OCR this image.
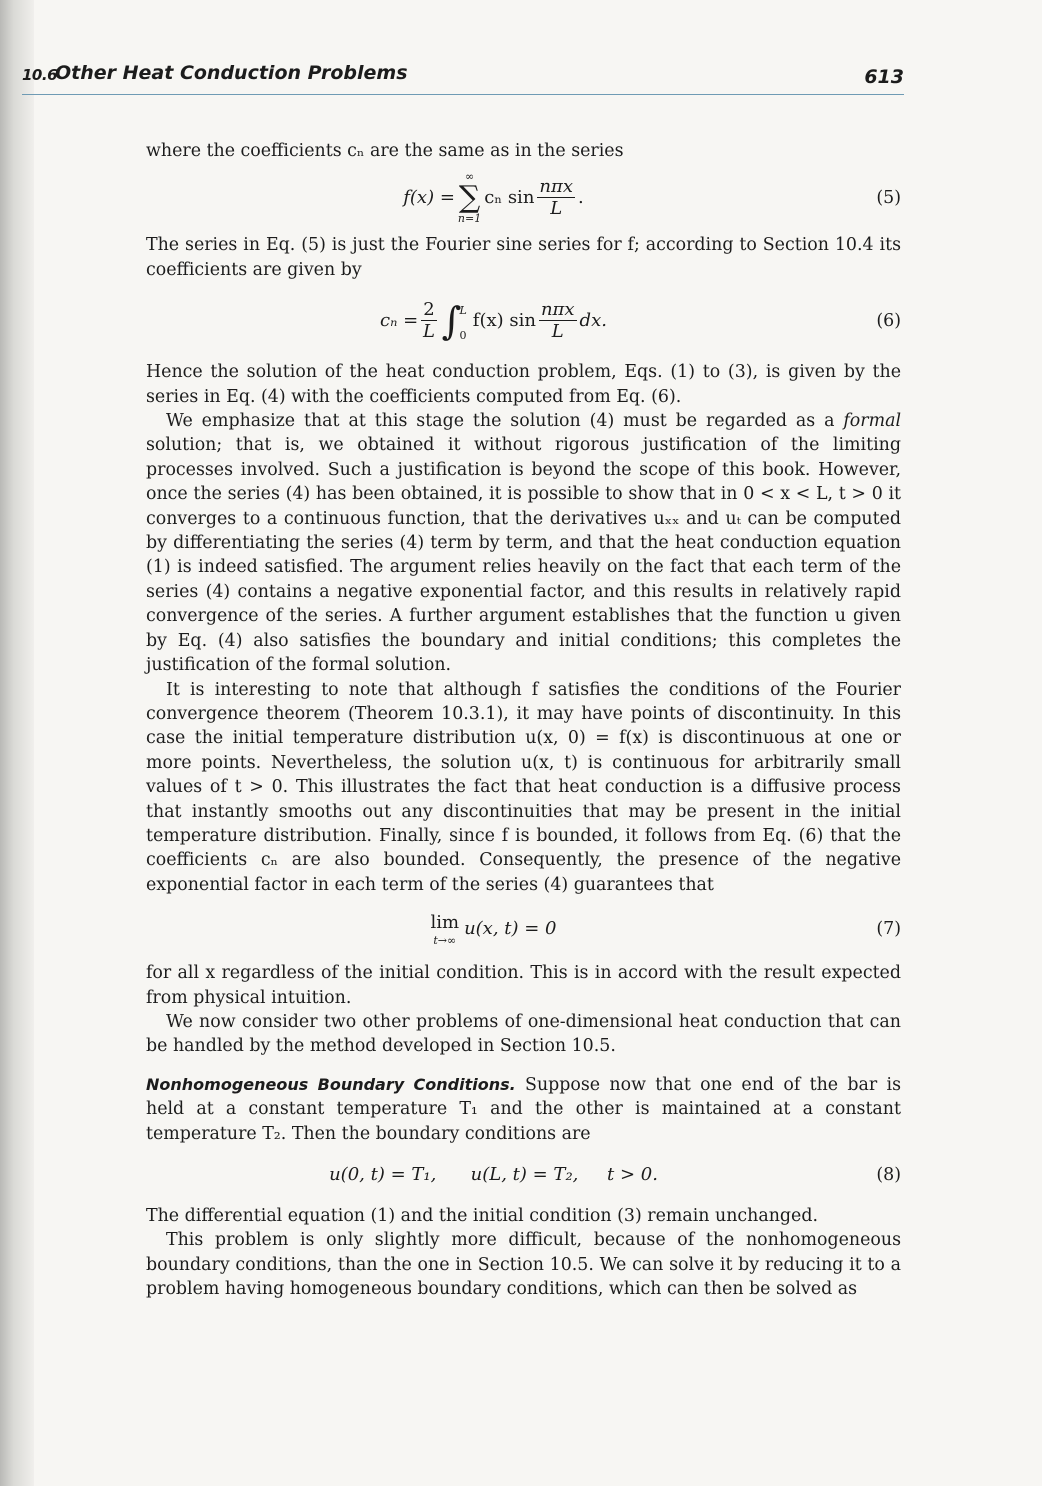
10.6
Other Heat Conduction Problems	613

where the coefficients cₙ are the same as in the series

f(x) =
∞
∑
n=1
cₙ $\sin \frac{\text{nπx}}{L}$ .	(5)

The series in Eq. (5) is just the Fourier sine series for f; according to Section 10.4 its coefficients are given by

$c_n = \frac{2}{L}$ ∫
L
0
f(x) $\sin \frac{\text{nπx}}{L}$ dx.	(6)

Hence the solution of the heat conduction problem, Eqs. (1) to (3), is given by the series in Eq. (4) with the coefficients computed from Eq. (6).

We emphasize that at this stage the solution (4) must be regarded as a formal solution; that is, we obtained it without rigorous justification of the limiting processes involved. Such a justification is beyond the scope of this book. However, once the series (4) has been obtained, it is possible to show that in 0 < x < L, t > 0 it converges to a continuous function, that the derivatives uₓₓ and uₜ can be computed by differentiating the series (4) term by term, and that the heat conduction equation (1) is indeed satisfied. The argument relies heavily on the fact that each term of the series (4) contains a negative exponential factor, and this results in relatively rapid convergence of the series. A further argument establishes that the function u given by Eq. (4) also satisfies the boundary and initial conditions; this completes the justification of the formal solution.

It is interesting to note that although f satisfies the conditions of the Fourier convergence theorem (Theorem 10.3.1), it may have points of discontinuity. In this case the initial temperature distribution u(x, 0) = f(x) is discontinuous at one or more points. Nevertheless, the solution u(x, t) is continuous for arbitrarily small values of t > 0. This illustrates the fact that heat conduction is a diffusive process that instantly smooths out any discontinuities that may be present in the initial temperature distribution. Finally, since f is bounded, it follows from Eq. (6) that the coefficients cₙ are also bounded. Consequently, the presence of the negative exponential factor in each term of the series (4) guarantees that

lim
t→∞
u(x, t) = 0	(7)

for all x regardless of the initial condition. This is in accord with the result expected from physical intuition.

We now consider two other problems of one-dimensional heat conduction that can be handled by the method developed in Section 10.5.

Nonhomogeneous Boundary Conditions. Suppose now that one end of the bar is held at a constant temperature T₁ and the other is maintained at a constant temperature T₂. Then the boundary conditions are

u(0, t) = T₁,      u(L, t) = T₂,     t > 0.	(8)

The differential equation (1) and the initial condition (3) remain unchanged.

This problem is only slightly more difficult, because of the nonhomogeneous boundary conditions, than the one in Section 10.5. We can solve it by reducing it to a problem having homogeneous boundary conditions, which can then be solved as
